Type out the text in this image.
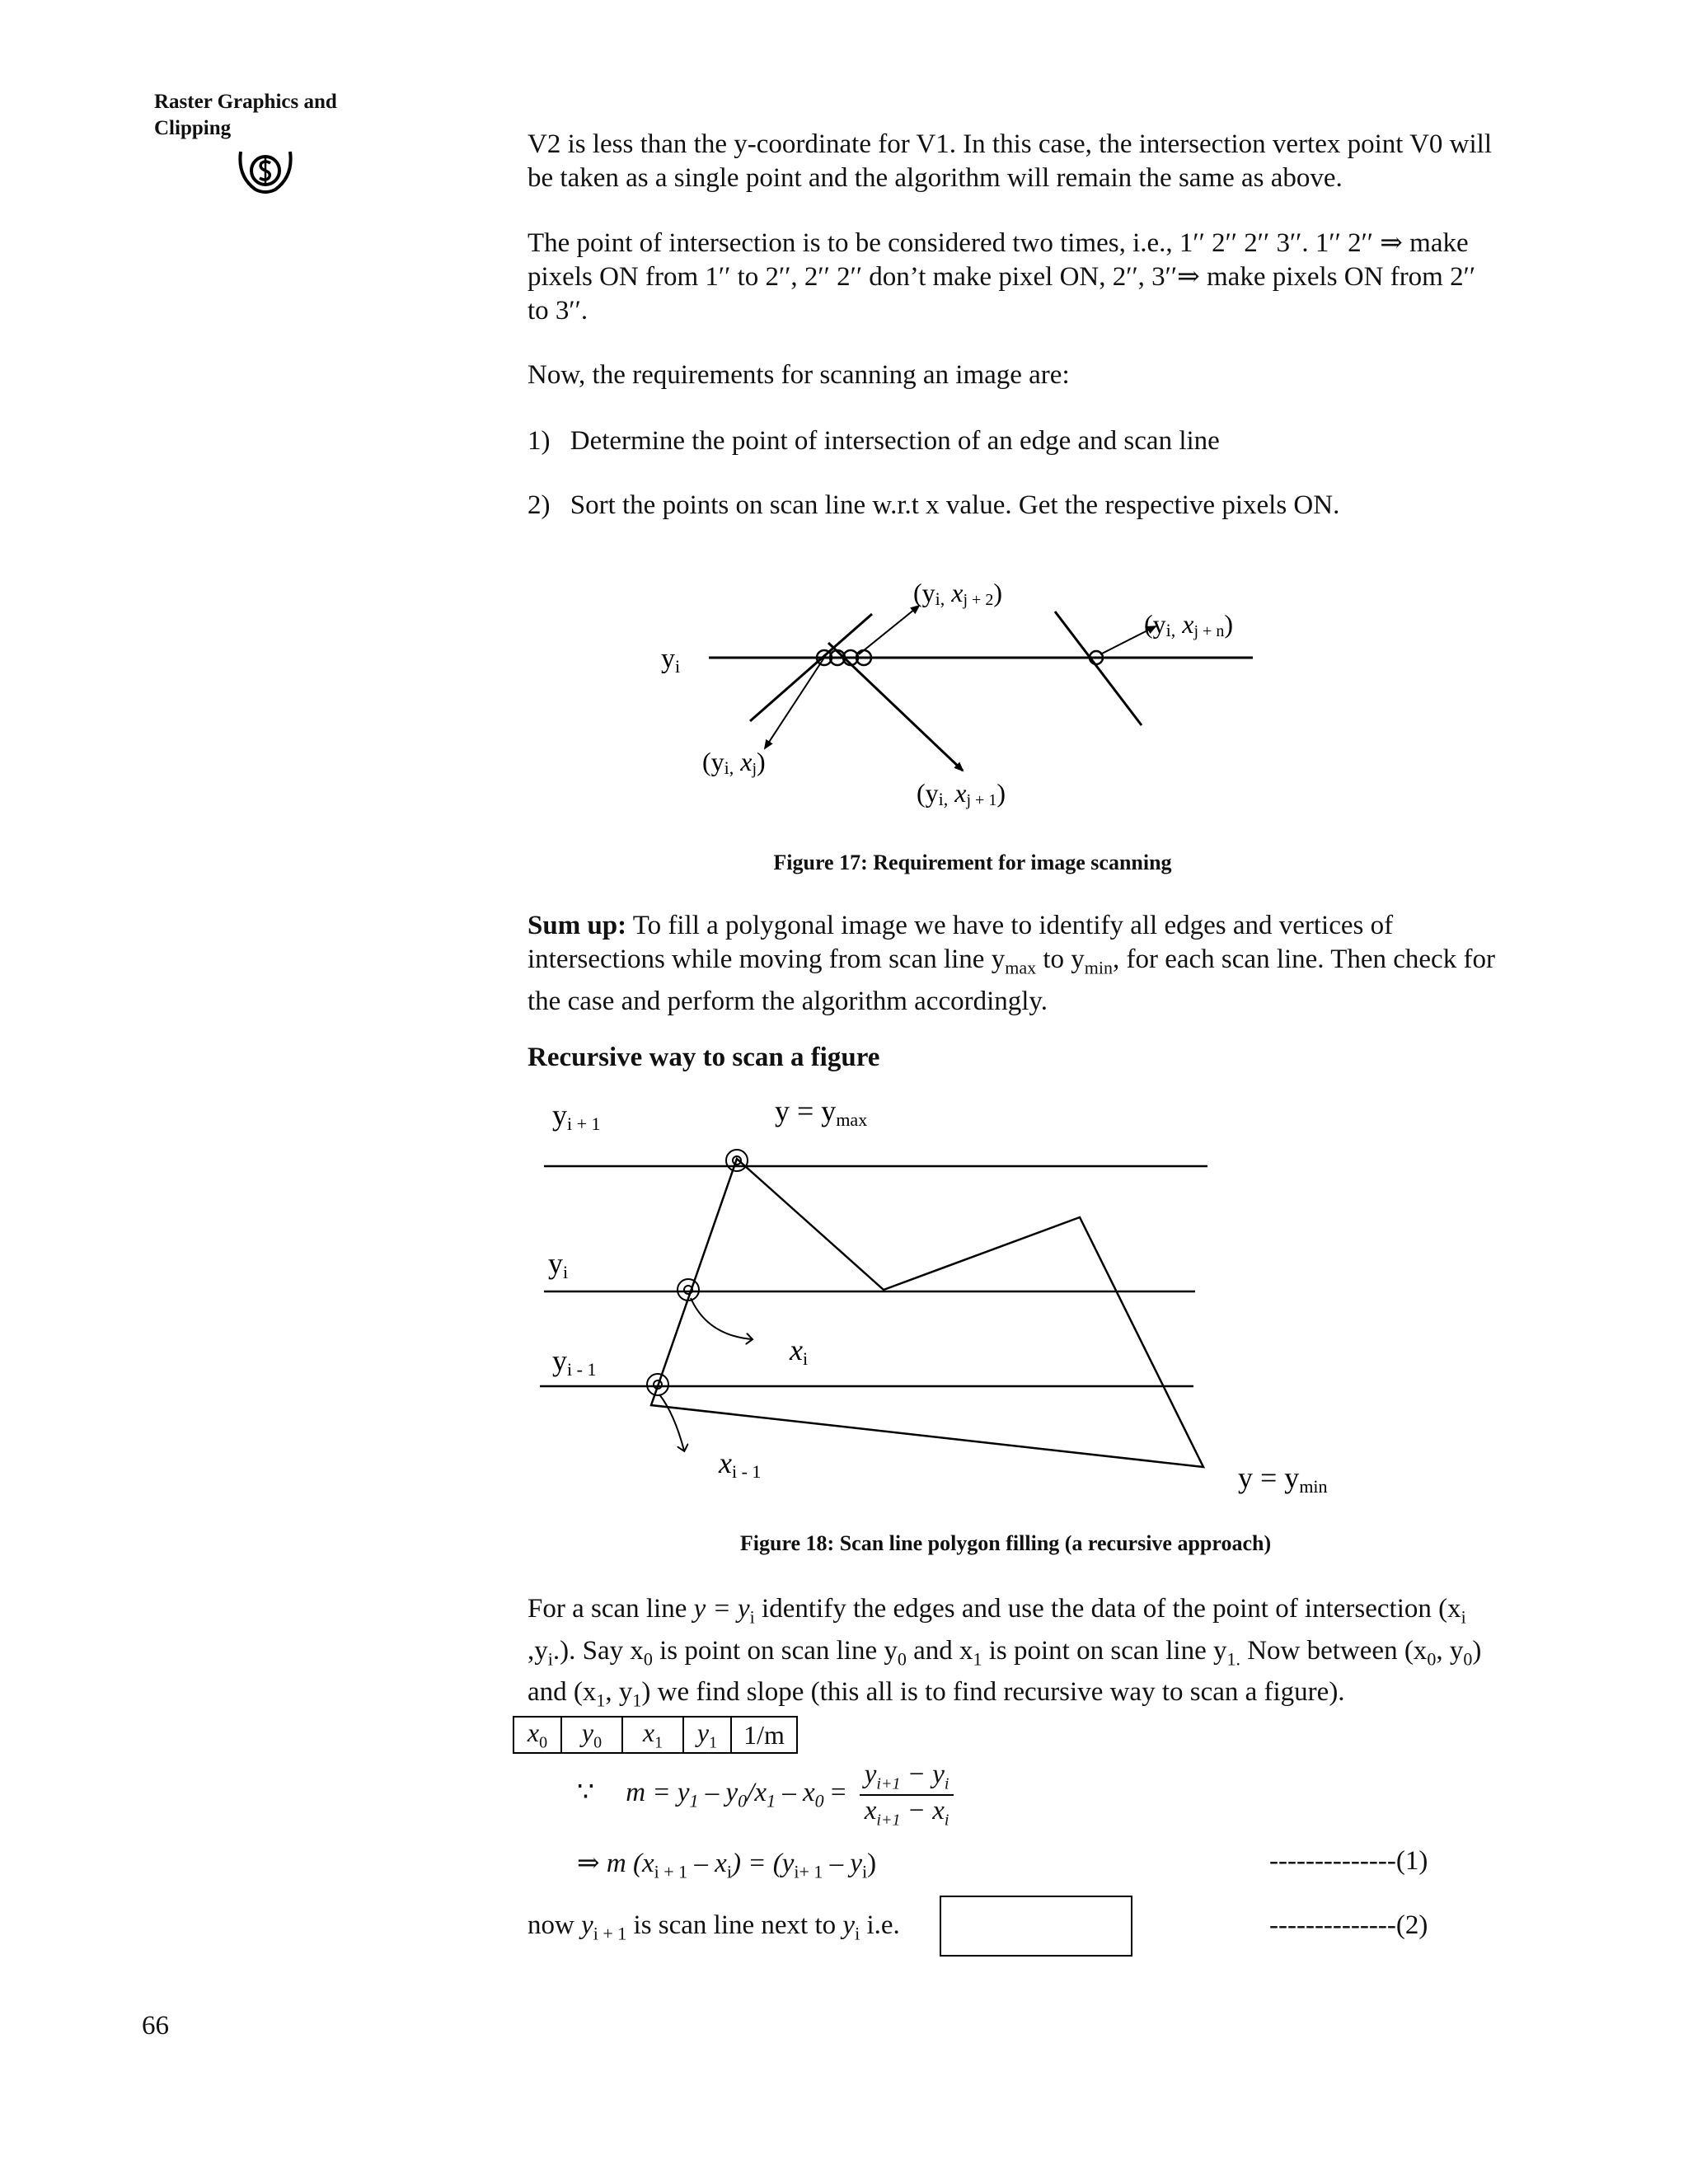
Raster Graphics and Clipping
V2 is less than the y-coordinate for V1. In this case, the intersection vertex point V0 will be taken as a single point and the algorithm will remain the same as above.
The point of intersection is to be considered two times, i.e., 1′′ 2′′ 2′′ 3′′. 1′′ 2′′ ⇒ make pixels ON from 1′′ to 2′′, 2′′ 2′′ don’t make pixel ON, 2′′, 3′′⇒ make pixels ON from 2′′ to 3′′.
Now, the requirements for scanning an image are:
1) Determine the point of intersection of an edge and scan line
2) Sort the points on scan line w.r.t x value. Get the respective pixels ON.
yi
(yi, xj + 2)
(yi, xj + n)
(yi, xj)
(yi, xj + 1)
Figure 17: Requirement for image scanning
Sum up: To fill a polygonal image we have to identify all edges and vertices of intersections while moving from scan line $y_{max}$ to $y_{min}$, for each scan line. Then check for the case and perform the algorithm accordingly.
Recursive way to scan a figure
yi + 1	y = ymax
yi
yi - 1
xi
xi - 1	y = ymin
Figure 18: Scan line polygon filling (a recursive approach)
For a scan line $y = y_i$ identify the edges and use the data of the point of intersection ($x_i$ $,y_i$.). Say $x_0$ is point on scan line $y_0$ and $x_1$ is point on scan line $y_{1.}$ Now between ($x_0$, $y_0$) and ($x_1$, $y_1$) we find slope (this all is to find recursive way to scan a figure).
$x_0$	$y_0$	$x_1$	$y_1$	1/m
∵ $m = y_1 - y_0/x_1 - x_0 = \frac{y_{i+1} - y_i}{x_{i+1} - x_i}$
⇒ m $(x_{i + 1} - x_i) = (y_{i+ 1} - y_i)$	--------------(1)
now $y_{i + 1}$ is scan line next to $y_i$ i.e.	--------------(2)
66
